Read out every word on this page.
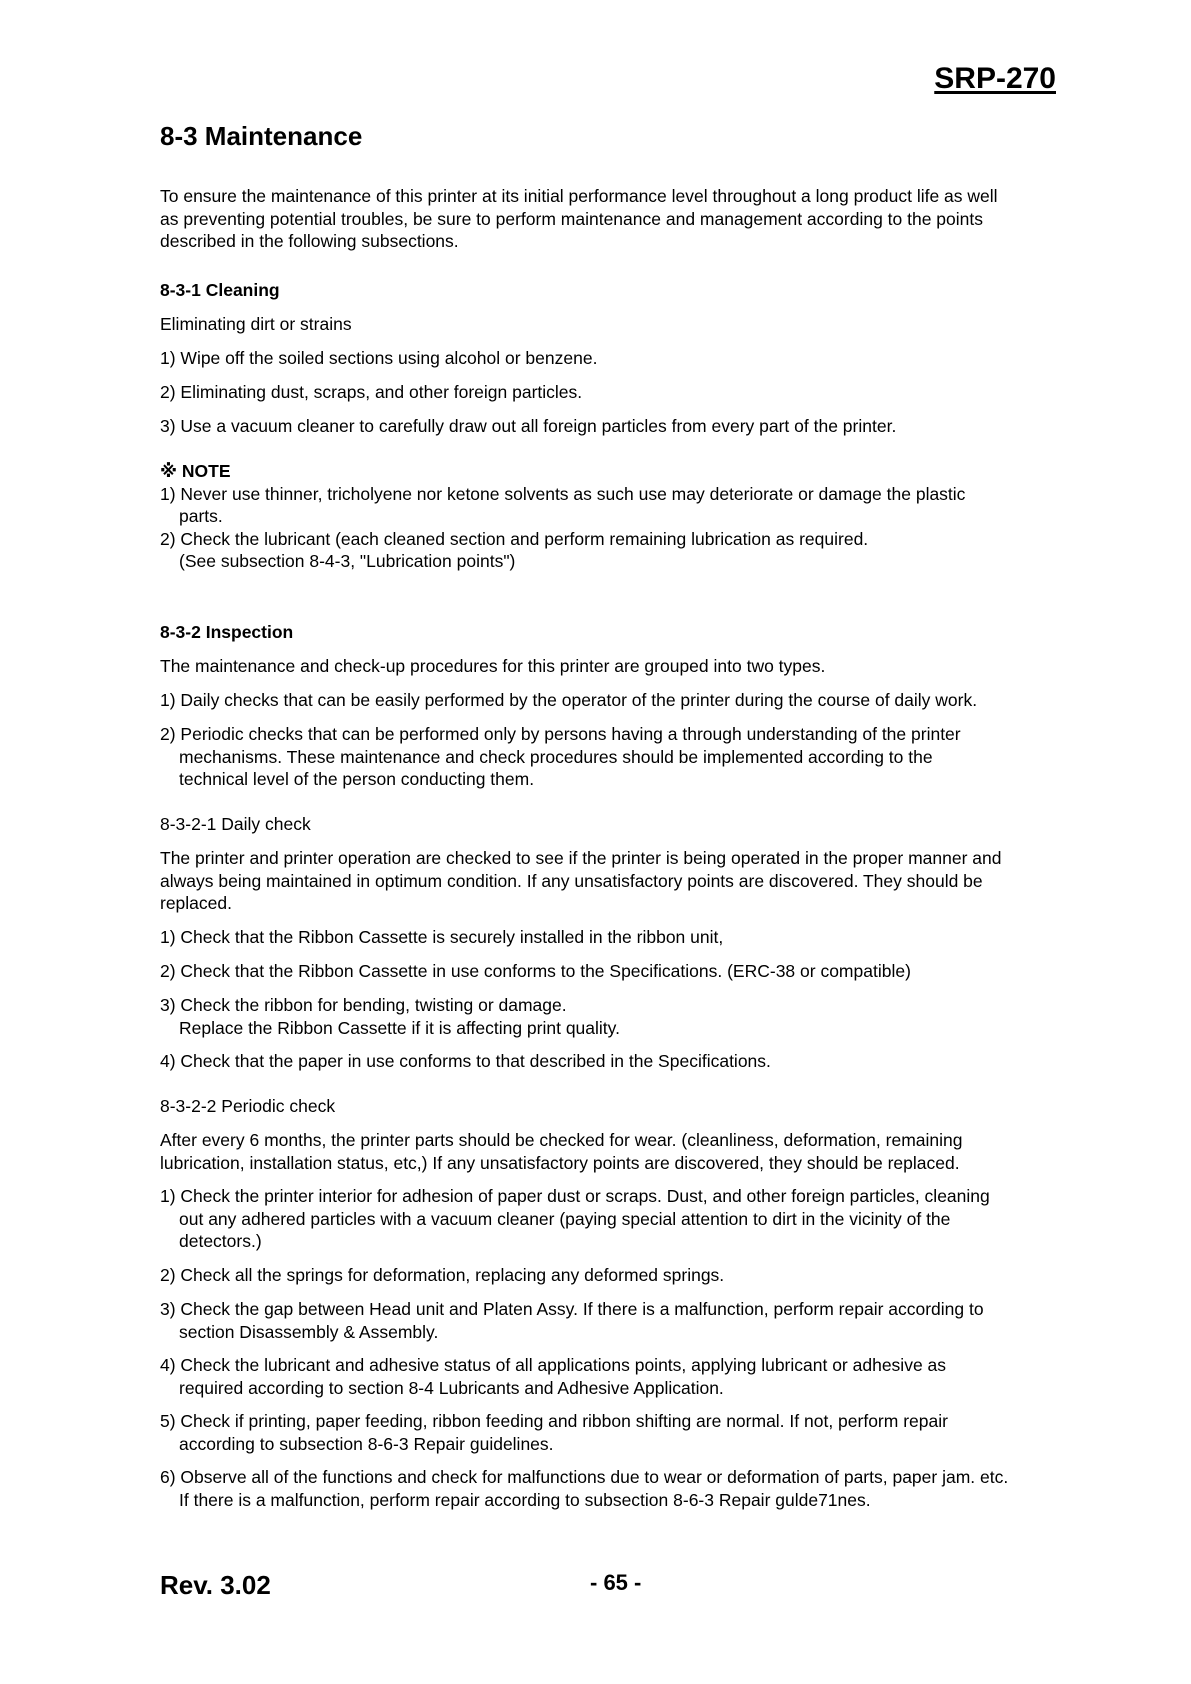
SRP-270
8-3 Maintenance
To ensure the maintenance of this printer at its initial performance level throughout a long product life as well
as preventing potential troubles, be sure to perform maintenance and management according to the points
described in the following subsections.
8-3-1 Cleaning
Eliminating dirt or strains
1) Wipe off the soiled sections using alcohol or benzene.
2) Eliminating dust, scraps, and other foreign particles.
3) Use a vacuum cleaner to carefully draw out all foreign particles from every part of the printer.
※ NOTE
1) Never use thinner, tricholyene nor ketone solvents as such use may deteriorate or damage the plastic
parts.
2) Check the lubricant (each cleaned section and perform remaining lubrication as required.
(See subsection 8-4-3, "Lubrication points")
8-3-2 Inspection
The maintenance and check-up procedures for this printer are grouped into two types.
1) Daily checks that can be easily performed by the operator of the printer during the course of daily work.
2) Periodic checks that can be performed only by persons having a through understanding of the printer
mechanisms. These maintenance and check procedures should be implemented according to the
technical level of the person conducting them.
8-3-2-1 Daily check
The printer and printer operation are checked to see if the printer is being operated in the proper manner and
always being maintained in optimum condition. If any unsatisfactory points are discovered. They should be
replaced.
1) Check that the Ribbon Cassette is securely installed in the ribbon unit,
2) Check that the Ribbon Cassette in use conforms to the Specifications. (ERC-38 or compatible)
3) Check the ribbon for bending, twisting or damage.
Replace the Ribbon Cassette if it is affecting print quality.
4) Check that the paper in use conforms to that described in the Specifications.
8-3-2-2 Periodic check
After every 6 months, the printer parts should be checked for wear. (cleanliness, deformation, remaining
lubrication, installation status, etc,) If any unsatisfactory points are discovered, they should be replaced.
1) Check the printer interior for adhesion of paper dust or scraps. Dust, and other foreign particles, cleaning
out any adhered particles with a vacuum cleaner (paying special attention to dirt in the vicinity of the
detectors.)
2) Check all the springs for deformation, replacing any deformed springs.
3) Check the gap between Head unit and Platen Assy. If there is a malfunction, perform repair according to
section Disassembly & Assembly.
4) Check the lubricant and adhesive status of all applications points, applying lubricant or adhesive as
required according to section 8-4 Lubricants and Adhesive Application.
5) Check if printing, paper feeding, ribbon feeding and ribbon shifting are normal. If not, perform repair
according to subsection 8-6-3 Repair guidelines.
6) Observe all of the functions and check for malfunctions due to wear or deformation of parts, paper jam. etc.
If there is a malfunction, perform repair according to subsection 8-6-3 Repair gulde71nes.
Rev. 3.02	- 65 -
